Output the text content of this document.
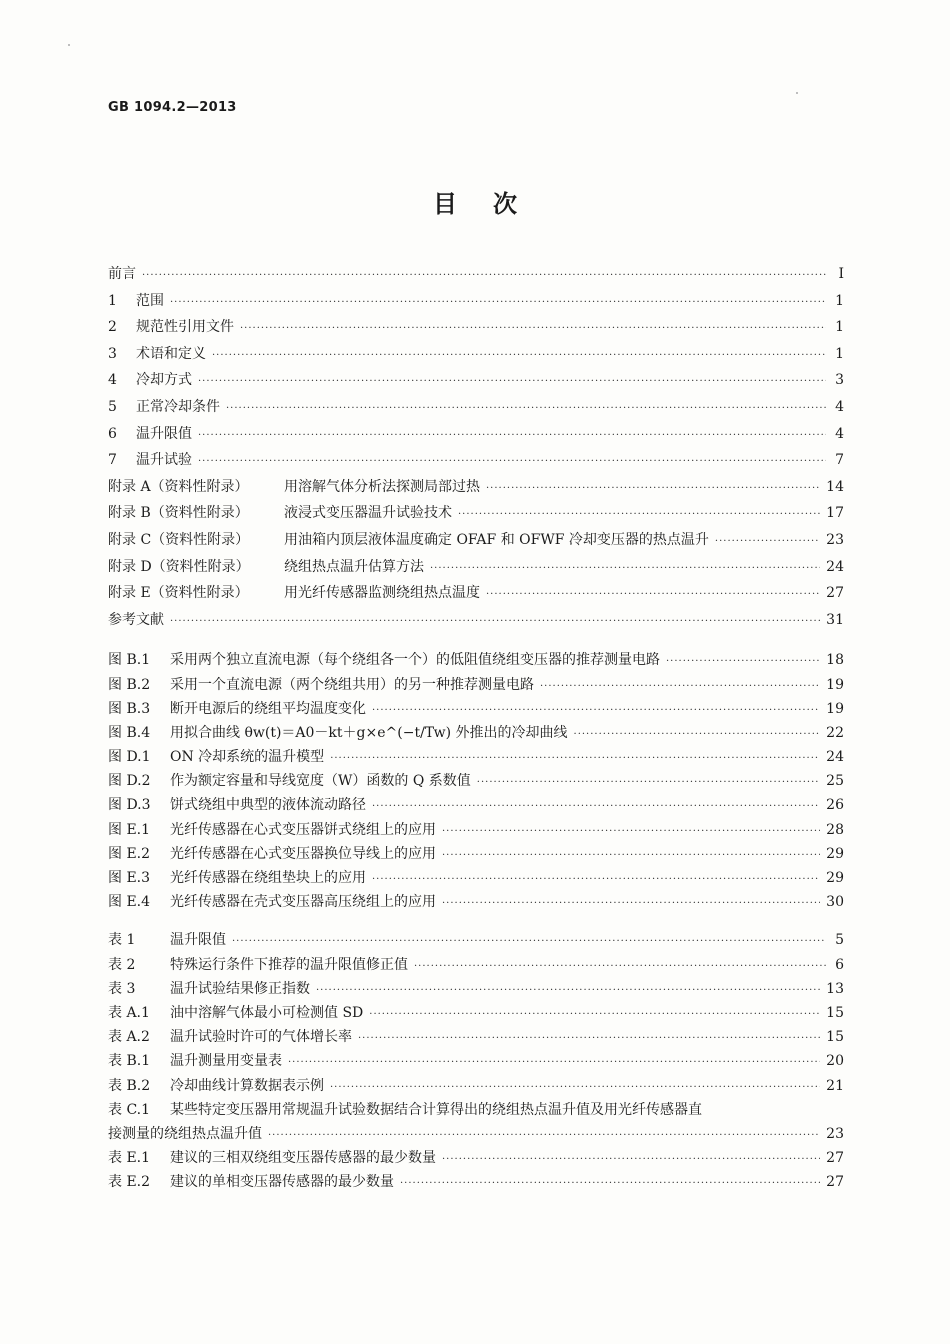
GB 1094.2—2013
目次
前言 ·····	I
1	范围 ·····	1
2	规范性引用文件 ·····	1
3	术语和定义 ·····	1
4	冷却方式 ·····	3
5	正常冷却条件 ·····	4
6	温升限值 ·····	4
7	温升试验 ·····	7
附录 A（资料性附录）	用溶解气体分析法探测局部过热 ·····	14
附录 B（资料性附录）	液浸式变压器温升试验技术 ·····	17
附录 C（资料性附录）	用油箱内顶层液体温度确定 OFAF 和 OFWF 冷却变压器的热点温升 ·····	23
附录 D（资料性附录）	绕组热点温升估算方法 ·····	24
附录 E（资料性附录）	用光纤传感器监测绕组热点温度 ·····	27
参考文献 ·····	31
图 B.1	采用两个独立直流电源（每个绕组各一个）的低阻值绕组变压器的推荐测量电路 ·····	18
图 B.2	采用一个直流电源（两个绕组共用）的另一种推荐测量电路 ·····	19
图 B.3	断开电源后的绕组平均温度变化 ·····	19
图 B.4	用拟合曲线 θw(t)＝A0－kt＋g×e^(−t/Tw) 外推出的冷却曲线 ·····	22
图 D.1	ON 冷却系统的温升模型 ·····	24
图 D.2	作为额定容量和导线宽度（W）函数的 Q 系数值 ·····	25
图 D.3	饼式绕组中典型的液体流动路径 ·····	26
图 E.1	光纤传感器在心式变压器饼式绕组上的应用 ·····	28
图 E.2	光纤传感器在心式变压器换位导线上的应用 ·····	29
图 E.3	光纤传感器在绕组垫块上的应用 ·····	29
图 E.4	光纤传感器在壳式变压器高压绕组上的应用 ·····	30
表 1	温升限值 ·····	5
表 2	特殊运行条件下推荐的温升限值修正值 ·····	6
表 3	温升试验结果修正指数 ·····	13
表 A.1	油中溶解气体最小可检测值 SD ·····	15
表 A.2	温升试验时许可的气体增长率 ·····	15
表 B.1	温升测量用变量表 ·····	20
表 B.2	冷却曲线计算数据表示例 ·····	21
表 C.1	某些特定变压器用常规温升试验数据结合计算得出的绕组热点温升值及用光纤传感器直
接测量的绕组热点温升值 ·····	23
表 E.1	建议的三相双绕组变压器传感器的最少数量 ·····	27
表 E.2	建议的单相变压器传感器的最少数量 ·····	27
